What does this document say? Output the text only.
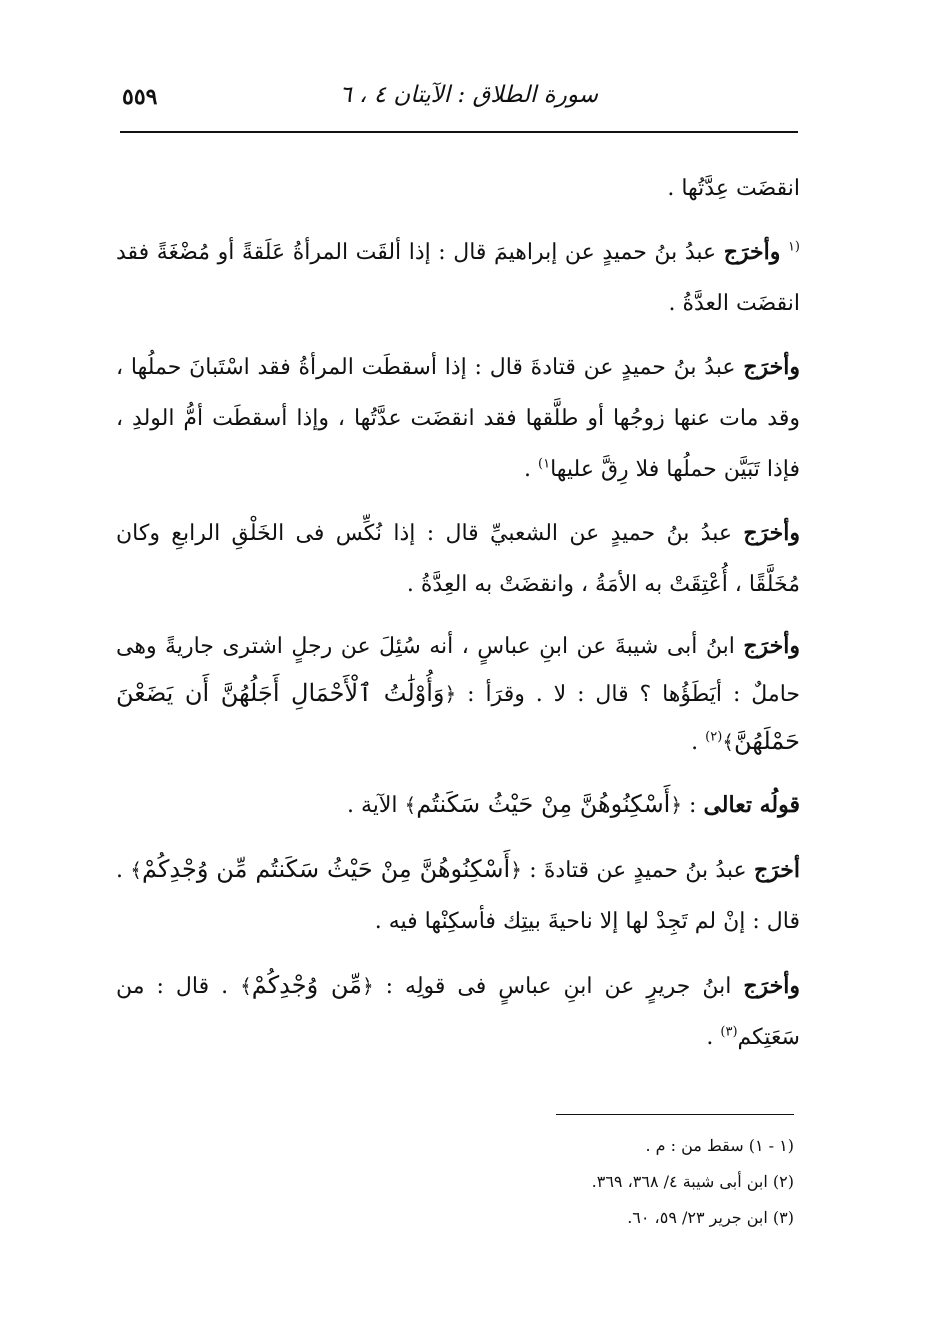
سورة الطلاق : الآيتان ٤ ، ٦
٥٥٩

انقضَت عِدَّتُها .

$^{(١}$ وأخرَج عبدُ بنُ حميدٍ عن إبراهيمَ قال : إذا ألقَت المرأةُ عَلَقةً أو مُضْغَةً فقد انقضَت العدَّةُ .

وأخرَج عبدُ بنُ حميدٍ عن قتادةَ قال : إذا أسقطَت المرأةُ فقد اسْتَبانَ حملُها ، وقد مات عنها زوجُها أو طلَّقها فقد انقضَت عدَّتُها ، وإذا أسقطَت أمُّ الولدِ ، فإذا تَبَيَّن حملُها فلا رِقَّ عليها$^{١)}$ .

وأخرَج عبدُ بنُ حميدٍ عن الشعبيِّ قال : إذا نُكِّس فى الخَلْقِ الرابعِ وكان مُخَلَّقًا ، أُعْتِقَتْ به الأمَةُ ، وانقضَتْ به العِدَّةُ .

وأخرَج ابنُ أبى شيبةَ عن ابنِ عباسٍ ، أنه سُئِلَ عن رجلٍ اشترى جاريةً وهى حاملٌ : أيَطَؤُها ؟ قال : لا . وقرَأ : ﴿وَأُوْلَٰتُ ٱلْأَحْمَالِ أَجَلُهُنَّ أَن يَضَعْنَ حَمْلَهُنَّ﴾$^{(٢)}$ .

قولُه تعالى : ﴿أَسْكِنُوهُنَّ مِنْ حَيْثُ سَكَنتُم﴾ الآية .

أخرَج عبدُ بنُ حميدٍ عن قتادةَ : ﴿أَسْكِنُوهُنَّ مِنْ حَيْثُ سَكَنتُم مِّن وُجْدِكُمْ﴾ . قال : إنْ لم تَجِدْ لها إلا ناحيةَ بيتِك فأسكِنْها فيه .

وأخرَج ابنُ جريرٍ عن ابنِ عباسٍ فى قولِه : ﴿مِّن وُجْدِكُمْ﴾ . قال : من سَعَتِكم$^{(٣)}$ .

(١ - ١) سقط من : م .
(٢) ابن أبى شيبة ٤/ ٣٦٨، ٣٦٩.
(٣) ابن جرير ٢٣/ ٥٩، ٦٠.
